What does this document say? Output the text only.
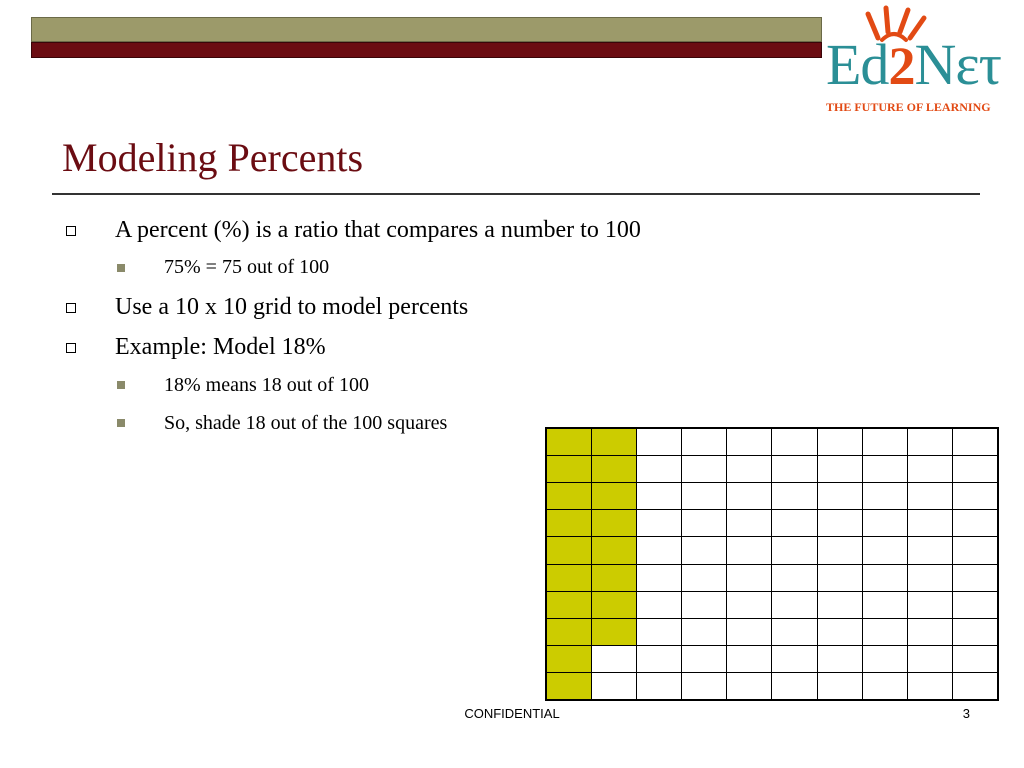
Ed2Nετ
THE FUTURE OF LEARNING
Modeling Percents
A percent (%) is a ratio that compares a number to 100
75% = 75 out of 100
Use a 10 x 10 grid to model percents
Example: Model 18%
18% means 18 out of 100
So, shade 18 out of the 100 squares
CONFIDENTIAL	3
